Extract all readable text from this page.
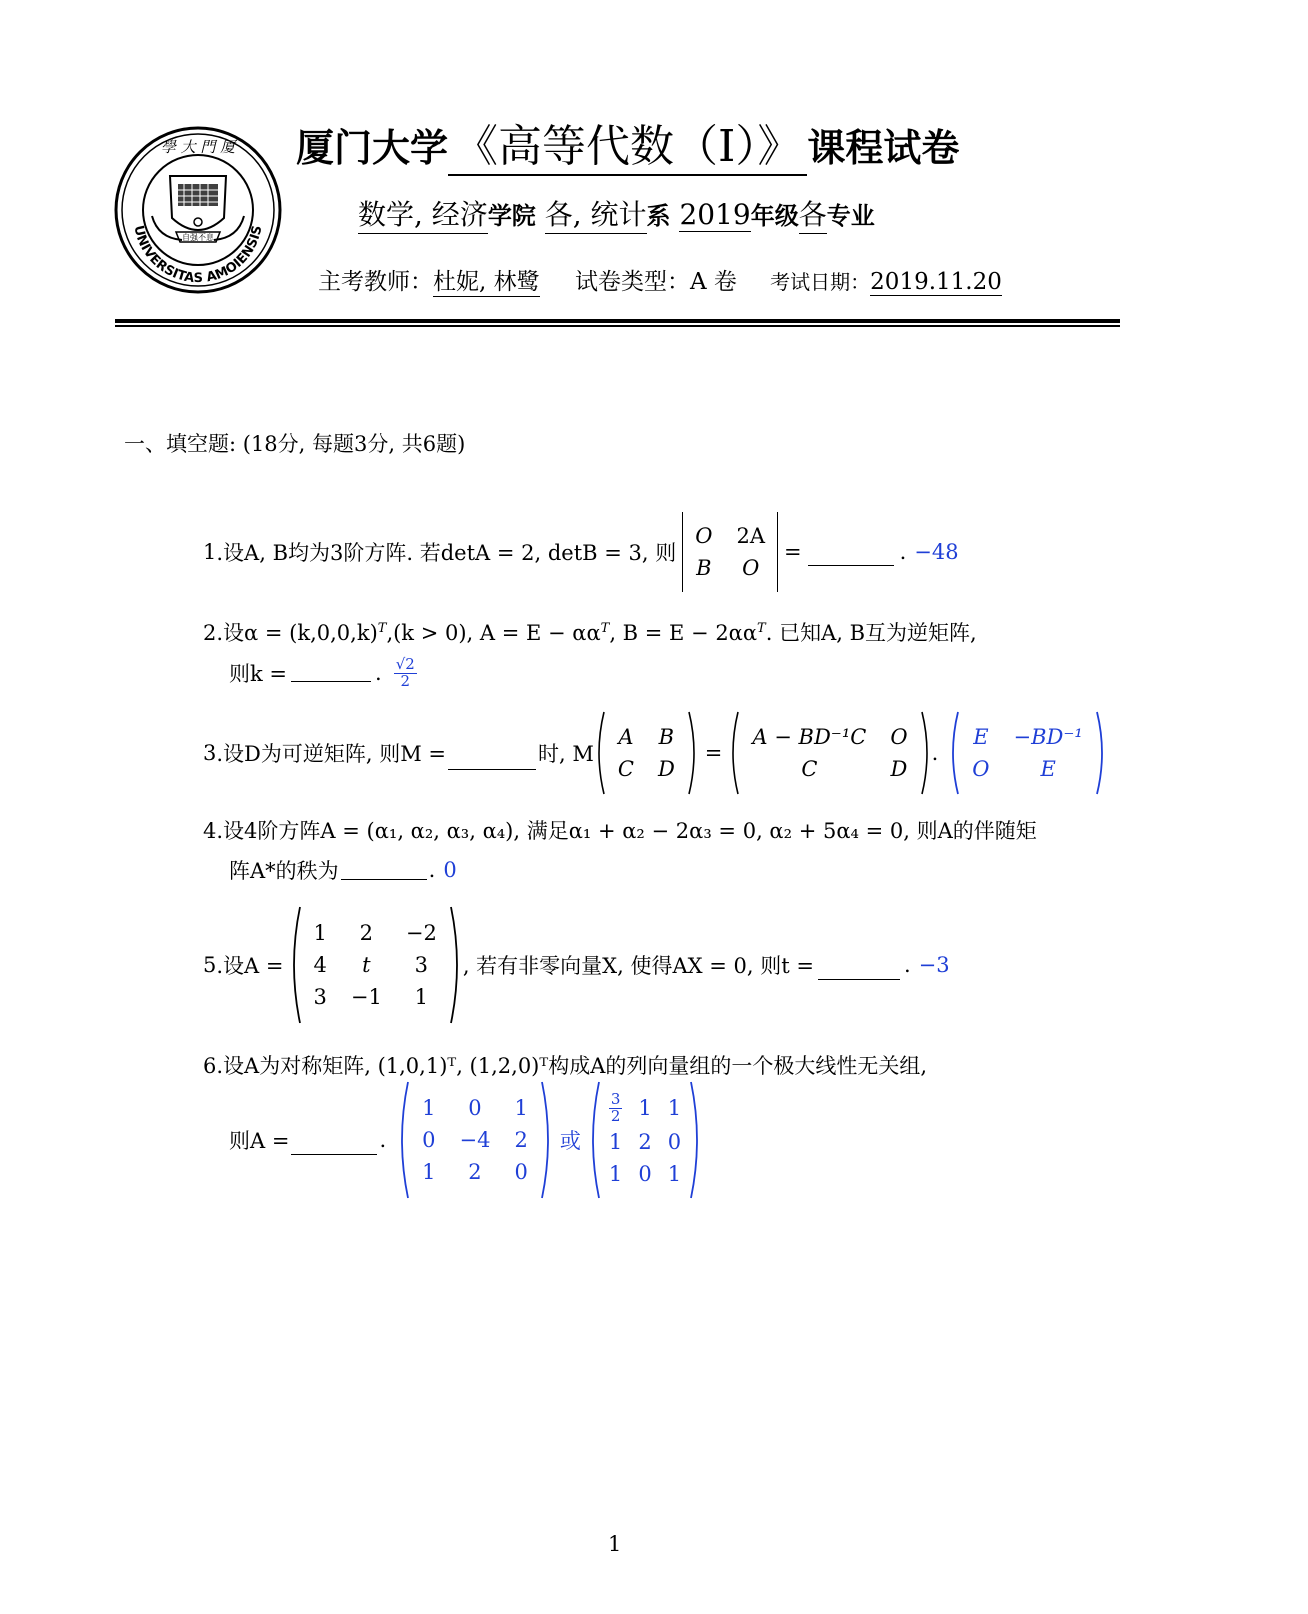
UNIVERSITAS AMOIENSIS
學 大 門 厦
自强不息
厦门大学 《高等代数（I）》 课程试卷
数学, 经济学院 各, 统计系 2019年级各专业
主考教师：杜妮, 林鹭 试卷类型：A 卷 考试日期：2019.11.20
一、填空题: (18分, 每题3分, 共6题)
1 .设A, B均为3阶方阵. 若detA = 2, detB = 3, 则
O	2A
B	O
=	. −48
2.设$\alpha = (k,0,0,k)^T,(k > 0)$, $A = E - \alpha\alpha^T$, $B = E - 2\alpha\alpha^T$. 已知A, B互为逆矩阵,
则k =	. $\frac{√2}{2}$
3 .设D为可逆矩阵, 则M =	时, M
A	B
C	D
=
A − BD⁻¹C	O
C	D
.
E	−BD⁻¹
O	E
4.设4阶方阵A = (α₁, α₂, α₃, α₄), 满足α₁ + α₂ − 2α₃ = 0, α₂ + 5α₄ = 0, 则A的伴随矩
阵A*的秩为	. 0
5 .设A =
1	2	−2
4	t	3
3	−1	1
, 若有非零向量X, 使得AX = 0, 则t =	. −3
6.设A为对称矩阵, (1,0,1)ᵀ, (1,2,0)ᵀ构成A的列向量组的一个极大线性无关组,
则A =	.
1	0	1
0	−4	2
1	2	0
或
$\frac{3}{2}$	1	1
1	2	0
1	0	1
1
